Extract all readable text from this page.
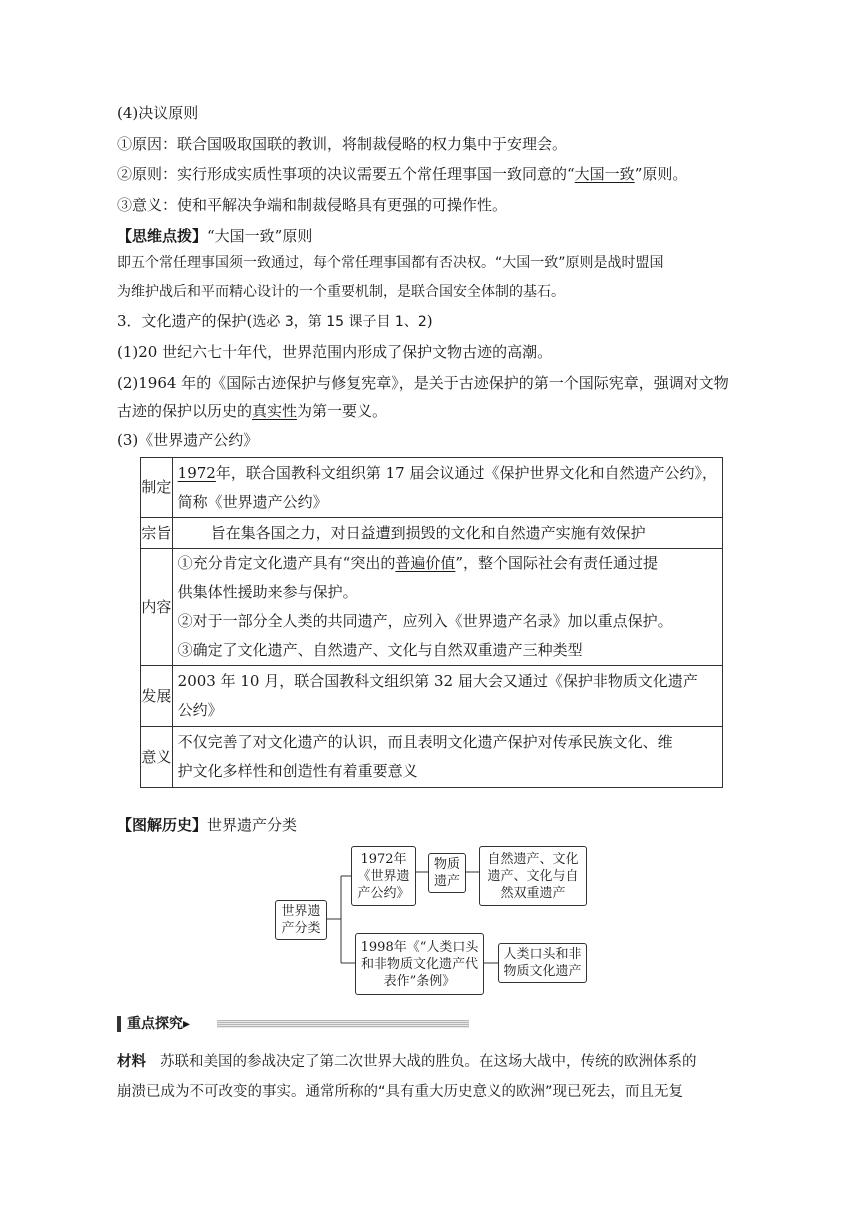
(4)决议原则
①原因：联合国吸取国联的教训，将制裁侵略的权力集中于安理会。
②原则：实行形成实质性事项的决议需要五个常任理事国一致同意的“大国一致”原则。
③意义：使和平解决争端和制裁侵略具有更强的可操作性。
【思维点拨】“大国一致”原则
即五个常任理事国须一致通过，每个常任理事国都有否决权。“大国一致”原则是战时盟国
为维护战后和平而精心设计的一个重要机制，是联合国安全体制的基石。
3．文化遗产的保护(选必 3，第 15 课子目 1、2)
(1)20 世纪六七十年代，世界范围内形成了保护文物古迹的高潮。
(2)1964 年的《国际古迹保护与修复宪章》，是关于古迹保护的第一个国际宪章，强调对文物
古迹的保护以历史的真实性为第一要义。
(3)《世界遗产公约》
制定	1972年，联合国教科文组织第 17 届会议通过《保护世界文化和自然遗产公约》，
简称《世界遗产公约》

宗旨	旨在集各国之力，对日益遭到损毁的文化和自然遗产实施有效保护

内容	①充分肯定文化遗产具有“突出的普遍价值”，整个国际社会有责任通过提
供集体性援助来参与保护。
②对于一部分全人类的共同遗产，应列入《世界遗产名录》加以重点保护。
③确定了文化遗产、自然遗产、文化与自然双重遗产三种类型

发展	2003 年 10 月，联合国教科文组织第 32 届大会又通过《保护非物质文化遗产
公约》

意义	不仅完善了对文化遗产的认识，而且表明文化遗产保护对传承民族文化、维
护文化多样性和创造性有着重要意义
【图解历史】世界遗产分类
世界遗
产分类
1972年
《世界遗
产公约》
物质
遗产
自然遗产、文化
遗产、文化与自
然双重遗产
1998年《“人类口头
和非物质文化遗产代
表作”条例》
人类口头和非
物质文化遗产
重点探究▸
材料 苏联和美国的参战决定了第二次世界大战的胜负。在这场大战中，传统的欧洲体系的
崩溃已成为不可改变的事实。通常所称的“具有重大历史意义的欧洲”现已死去，而且无复
